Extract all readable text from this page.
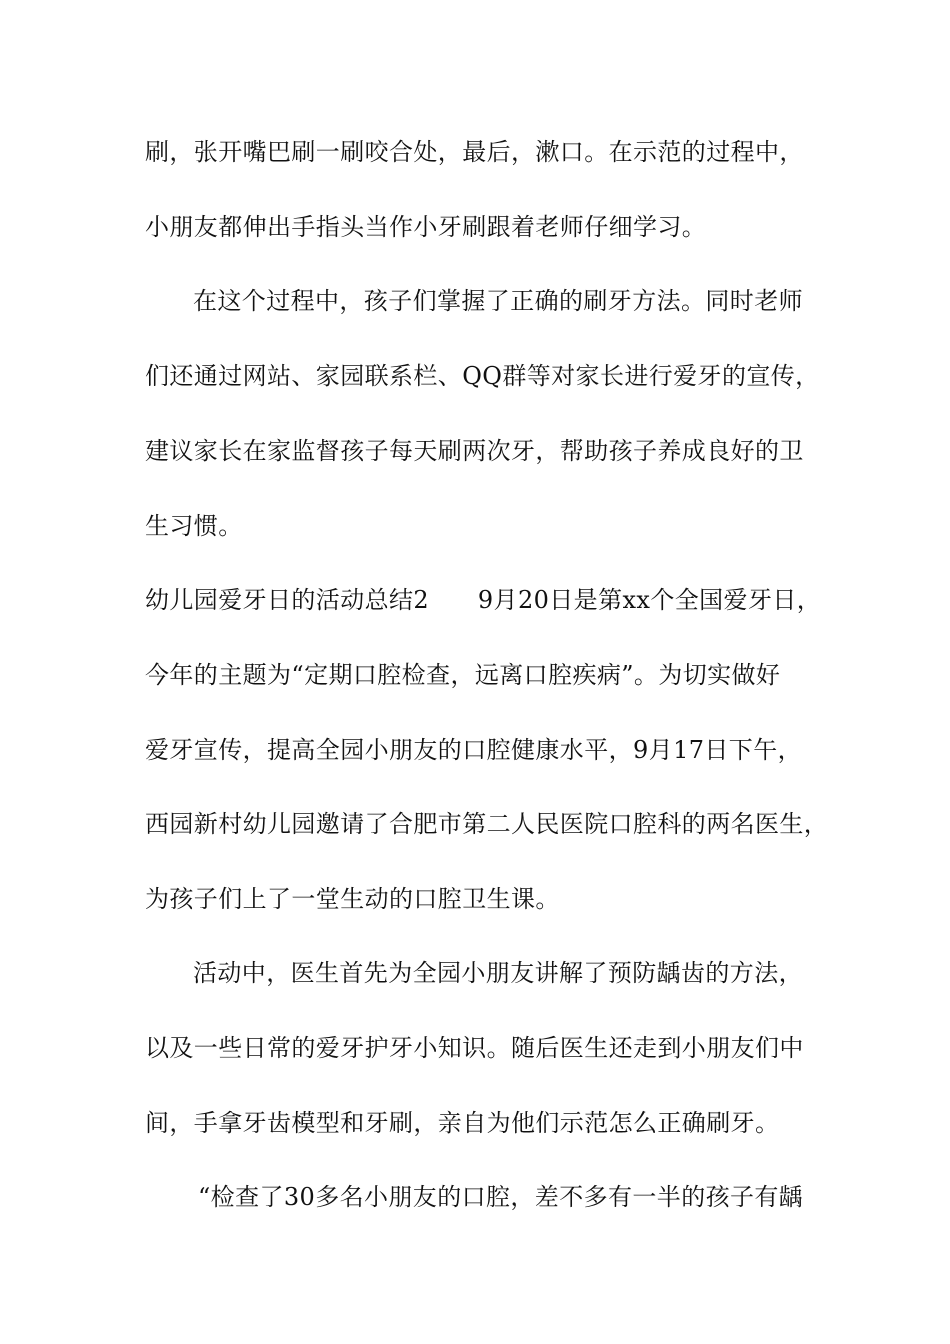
刷，张开嘴巴刷一刷咬合处，最后，漱口。在示范的过程中，
小朋友都伸出手指头当作小牙刷跟着老师仔细学习。
在这个过程中，孩子们掌握了正确的刷牙方法。同时老师
们还通过网站、家园联系栏、QQ群等对家长进行爱牙的宣传，
建议家长在家监督孩子每天刷两次牙，帮助孩子养成良好的卫
生习惯。
幼儿园爱牙日的活动总结2　　9月20日是第xx个全国爱牙日，
今年的主题为“定期口腔检查，远离口腔疾病”。为切实做好
爱牙宣传，提高全园小朋友的口腔健康水平，9月17日下午，
西园新村幼儿园邀请了合肥市第二人民医院口腔科的两名医生，
为孩子们上了一堂生动的口腔卫生课。
活动中，医生首先为全园小朋友讲解了预防龋齿的方法，
以及一些日常的爱牙护牙小知识。随后医生还走到小朋友们中
间，手拿牙齿模型和牙刷，亲自为他们示范怎么正确刷牙。
“检查了30多名小朋友的口腔，差不多有一半的孩子有龋
